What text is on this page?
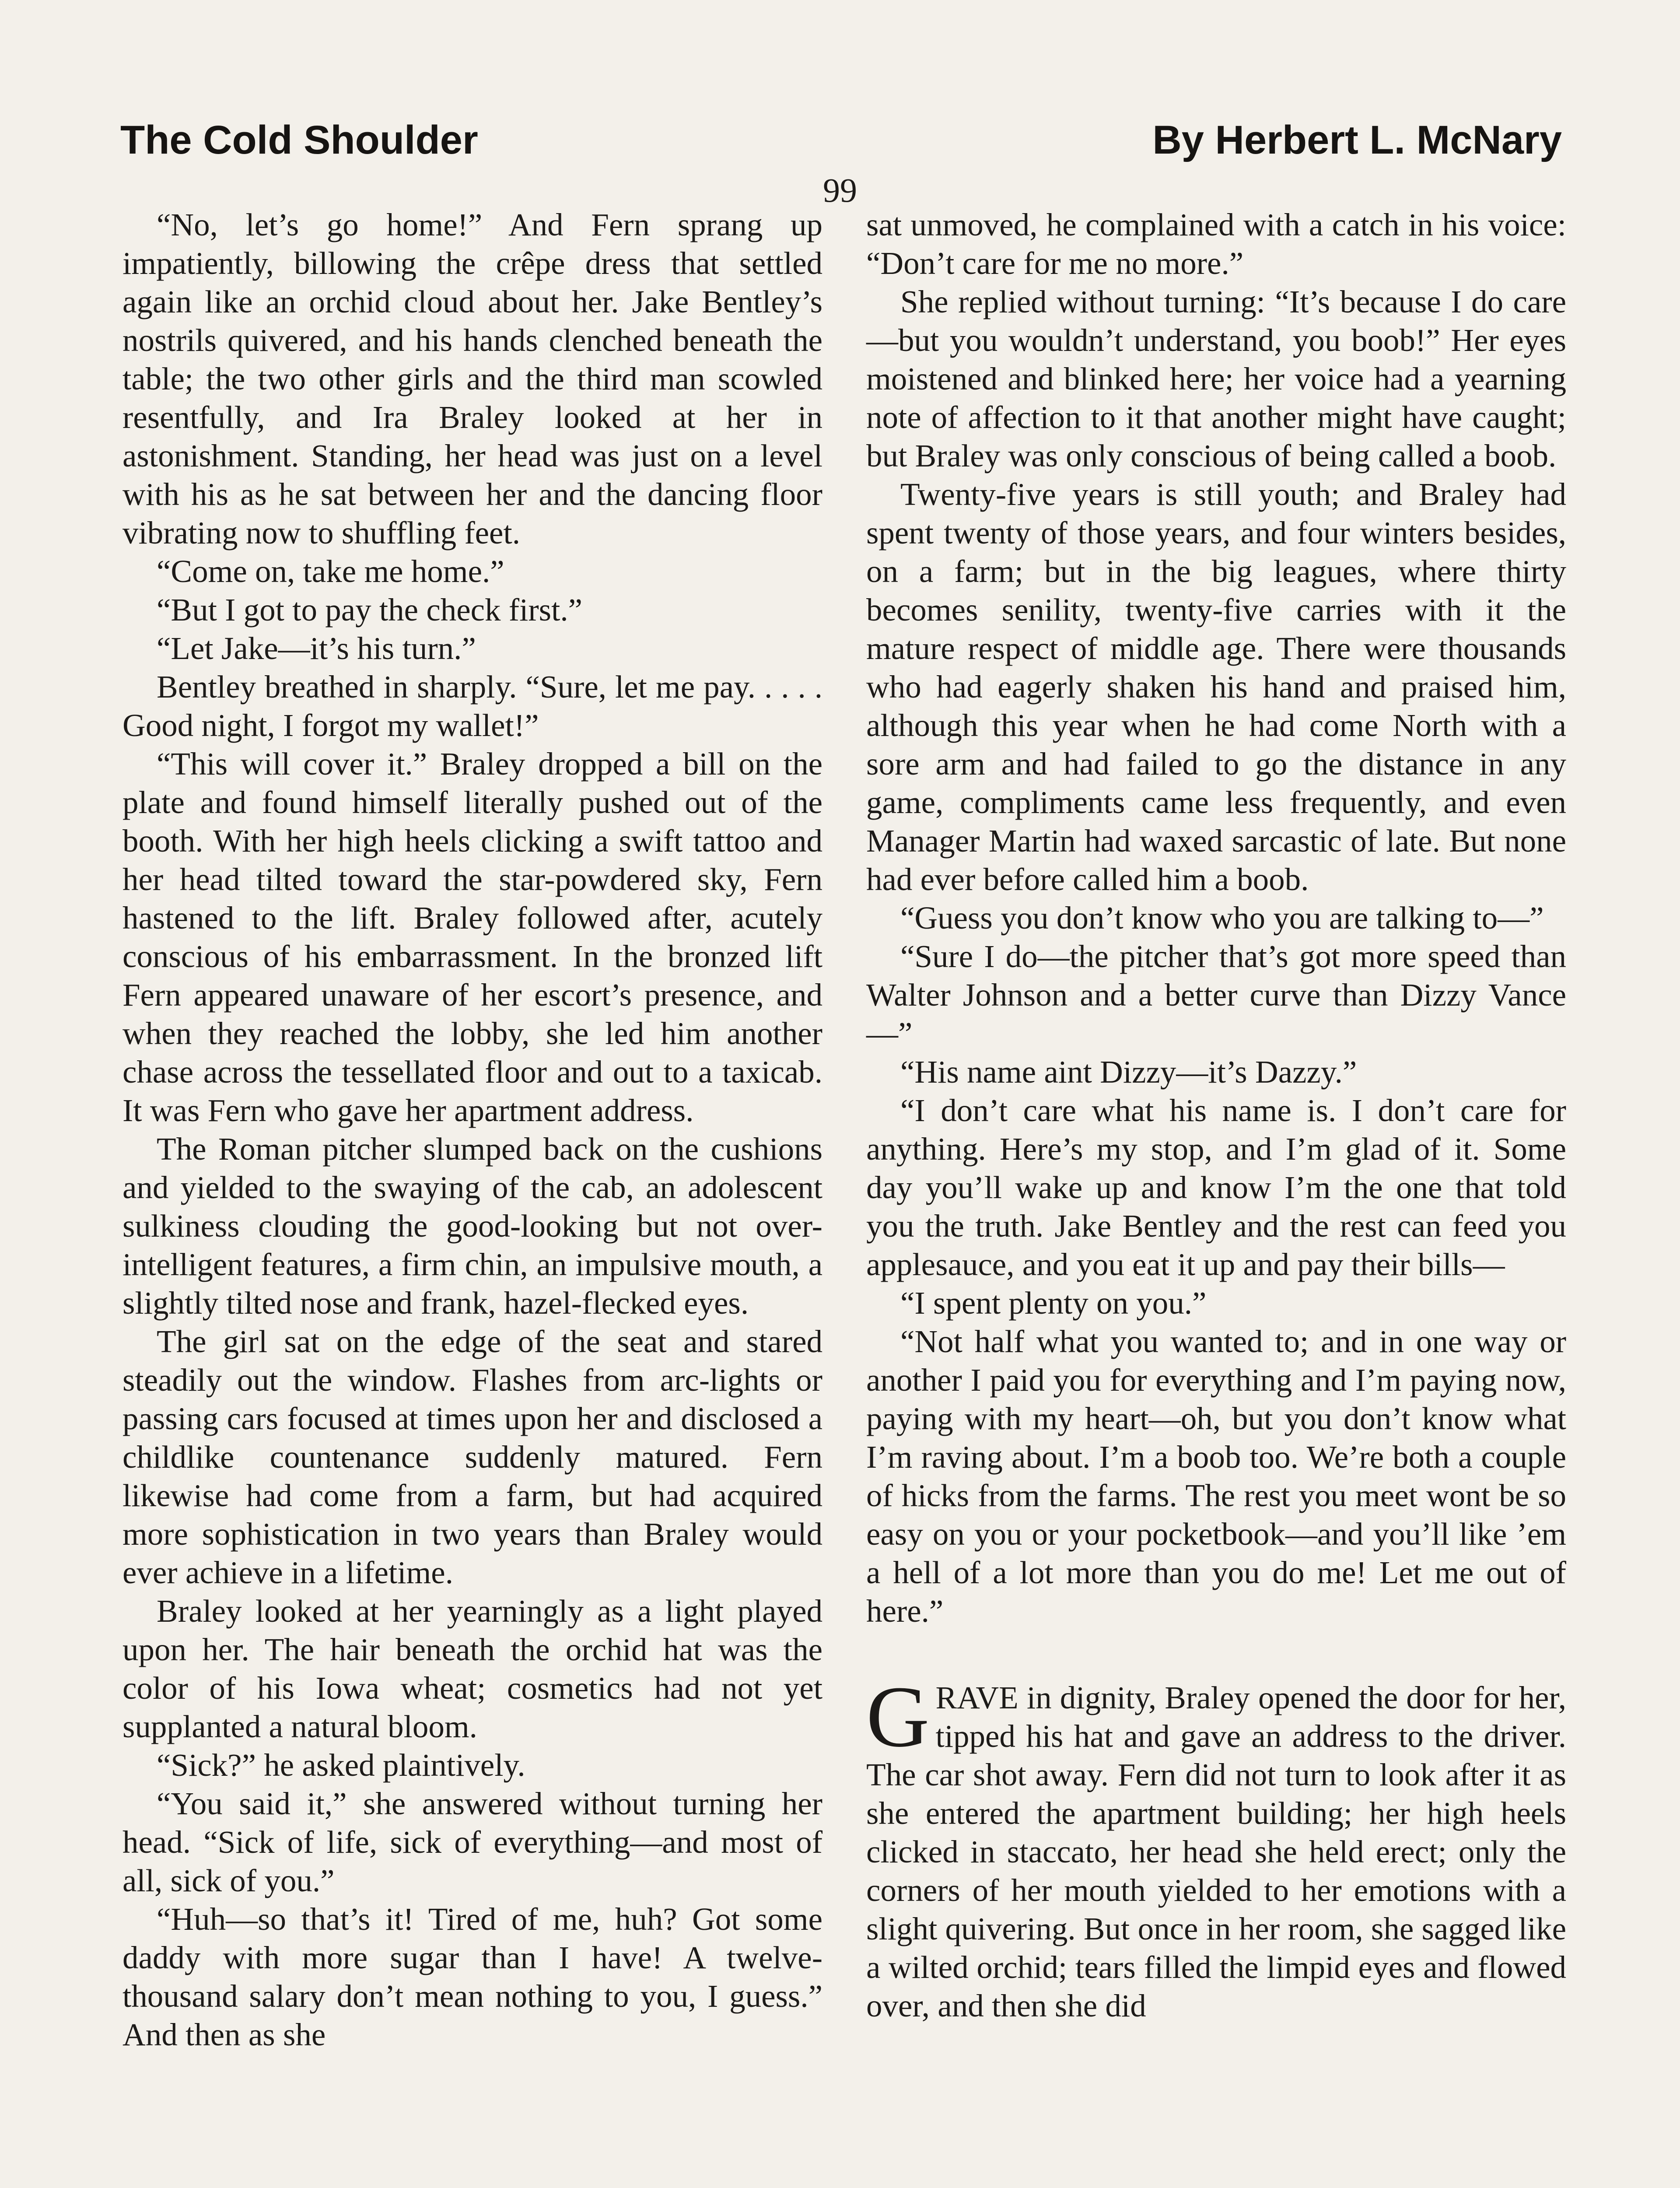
The Cold Shoulder	By Herbert L. McNary
99

“No, let’s go home!” And Fern sprang up impatiently, billowing the crêpe dress that settled again like an orchid cloud about her. Jake Bentley’s nostrils quivered, and his hands clenched beneath the table; the two other girls and the third man scowled resentfully, and Ira Braley looked at her in astonishment. Standing, her head was just on a level with his as he sat between her and the dancing floor vibrating now to shuffling feet.

“Come on, take me home.”

“But I got to pay the check first.”

“Let Jake—it’s his turn.”

Bentley breathed in sharply. “Sure, let me pay. . . . . Good night, I forgot my wallet!”

“This will cover it.” Braley dropped a bill on the plate and found himself literally pushed out of the booth. With her high heels clicking a swift tattoo and her head tilted toward the star-powdered sky, Fern hastened to the lift. Braley followed after, acutely conscious of his embarrassment. In the bronzed lift Fern appeared unaware of her escort’s presence, and when they reached the lobby, she led him another chase across the tessellated floor and out to a taxicab. It was Fern who gave her apartment address.

The Roman pitcher slumped back on the cushions and yielded to the swaying of the cab, an adolescent sulkiness clouding the good-looking but not over-intelligent features, a firm chin, an impulsive mouth, a slightly tilted nose and frank, hazel-flecked eyes.

The girl sat on the edge of the seat and stared steadily out the window. Flashes from arc-lights or passing cars focused at times upon her and disclosed a childlike countenance suddenly matured. Fern likewise had come from a farm, but had acquired more sophistication in two years than Braley would ever achieve in a lifetime.

Braley looked at her yearningly as a light played upon her. The hair beneath the orchid hat was the color of his Iowa wheat; cosmetics had not yet supplanted a natural bloom.

“Sick?” he asked plaintively.

“You said it,” she answered without turning her head. “Sick of life, sick of everything—and most of all, sick of you.”

“Huh—so that’s it! Tired of me, huh? Got some daddy with more sugar than I have! A twelve-thousand salary don’t mean nothing to you, I guess.” And then as she

sat unmoved, he complained with a catch in his voice: “Don’t care for me no more.”

She replied without turning: “It’s because I do care—but you wouldn’t understand, you boob!” Her eyes moistened and blinked here; her voice had a yearning note of affection to it that another might have caught; but Braley was only conscious of being called a boob.

Twenty-five years is still youth; and Braley had spent twenty of those years, and four winters besides, on a farm; but in the big leagues, where thirty becomes senility, twenty-five carries with it the mature respect of middle age. There were thousands who had eagerly shaken his hand and praised him, although this year when he had come North with a sore arm and had failed to go the distance in any game, compliments came less frequently, and even Manager Martin had waxed sarcastic of late. But none had ever before called him a boob.

“Guess you don’t know who you are talking to—”

“Sure I do—the pitcher that’s got more speed than Walter Johnson and a better curve than Dizzy Vance—”

“His name aint Dizzy—it’s Dazzy.”

“I don’t care what his name is. I don’t care for anything. Here’s my stop, and I’m glad of it. Some day you’ll wake up and know I’m the one that told you the truth. Jake Bentley and the rest can feed you applesauce, and you eat it up and pay their bills—

“I spent plenty on you.”

“Not half what you wanted to; and in one way or another I paid you for everything and I’m paying now, paying with my heart—oh, but you don’t know what I’m raving about. I’m a boob too. We’re both a couple of hicks from the farms. The rest you meet wont be so easy on you or your pocketbook—and you’ll like ’em a hell of a lot more than you do me! Let me out of here.”

GRAVE in dignity, Braley opened the door for her, tipped his hat and gave an address to the driver. The car shot away. Fern did not turn to look after it as she entered the apartment building; her high heels clicked in staccato, her head she held erect; only the corners of her mouth yielded to her emotions with a slight quivering. But once in her room, she sagged like a wilted orchid; tears filled the limpid eyes and flowed over, and then she did
